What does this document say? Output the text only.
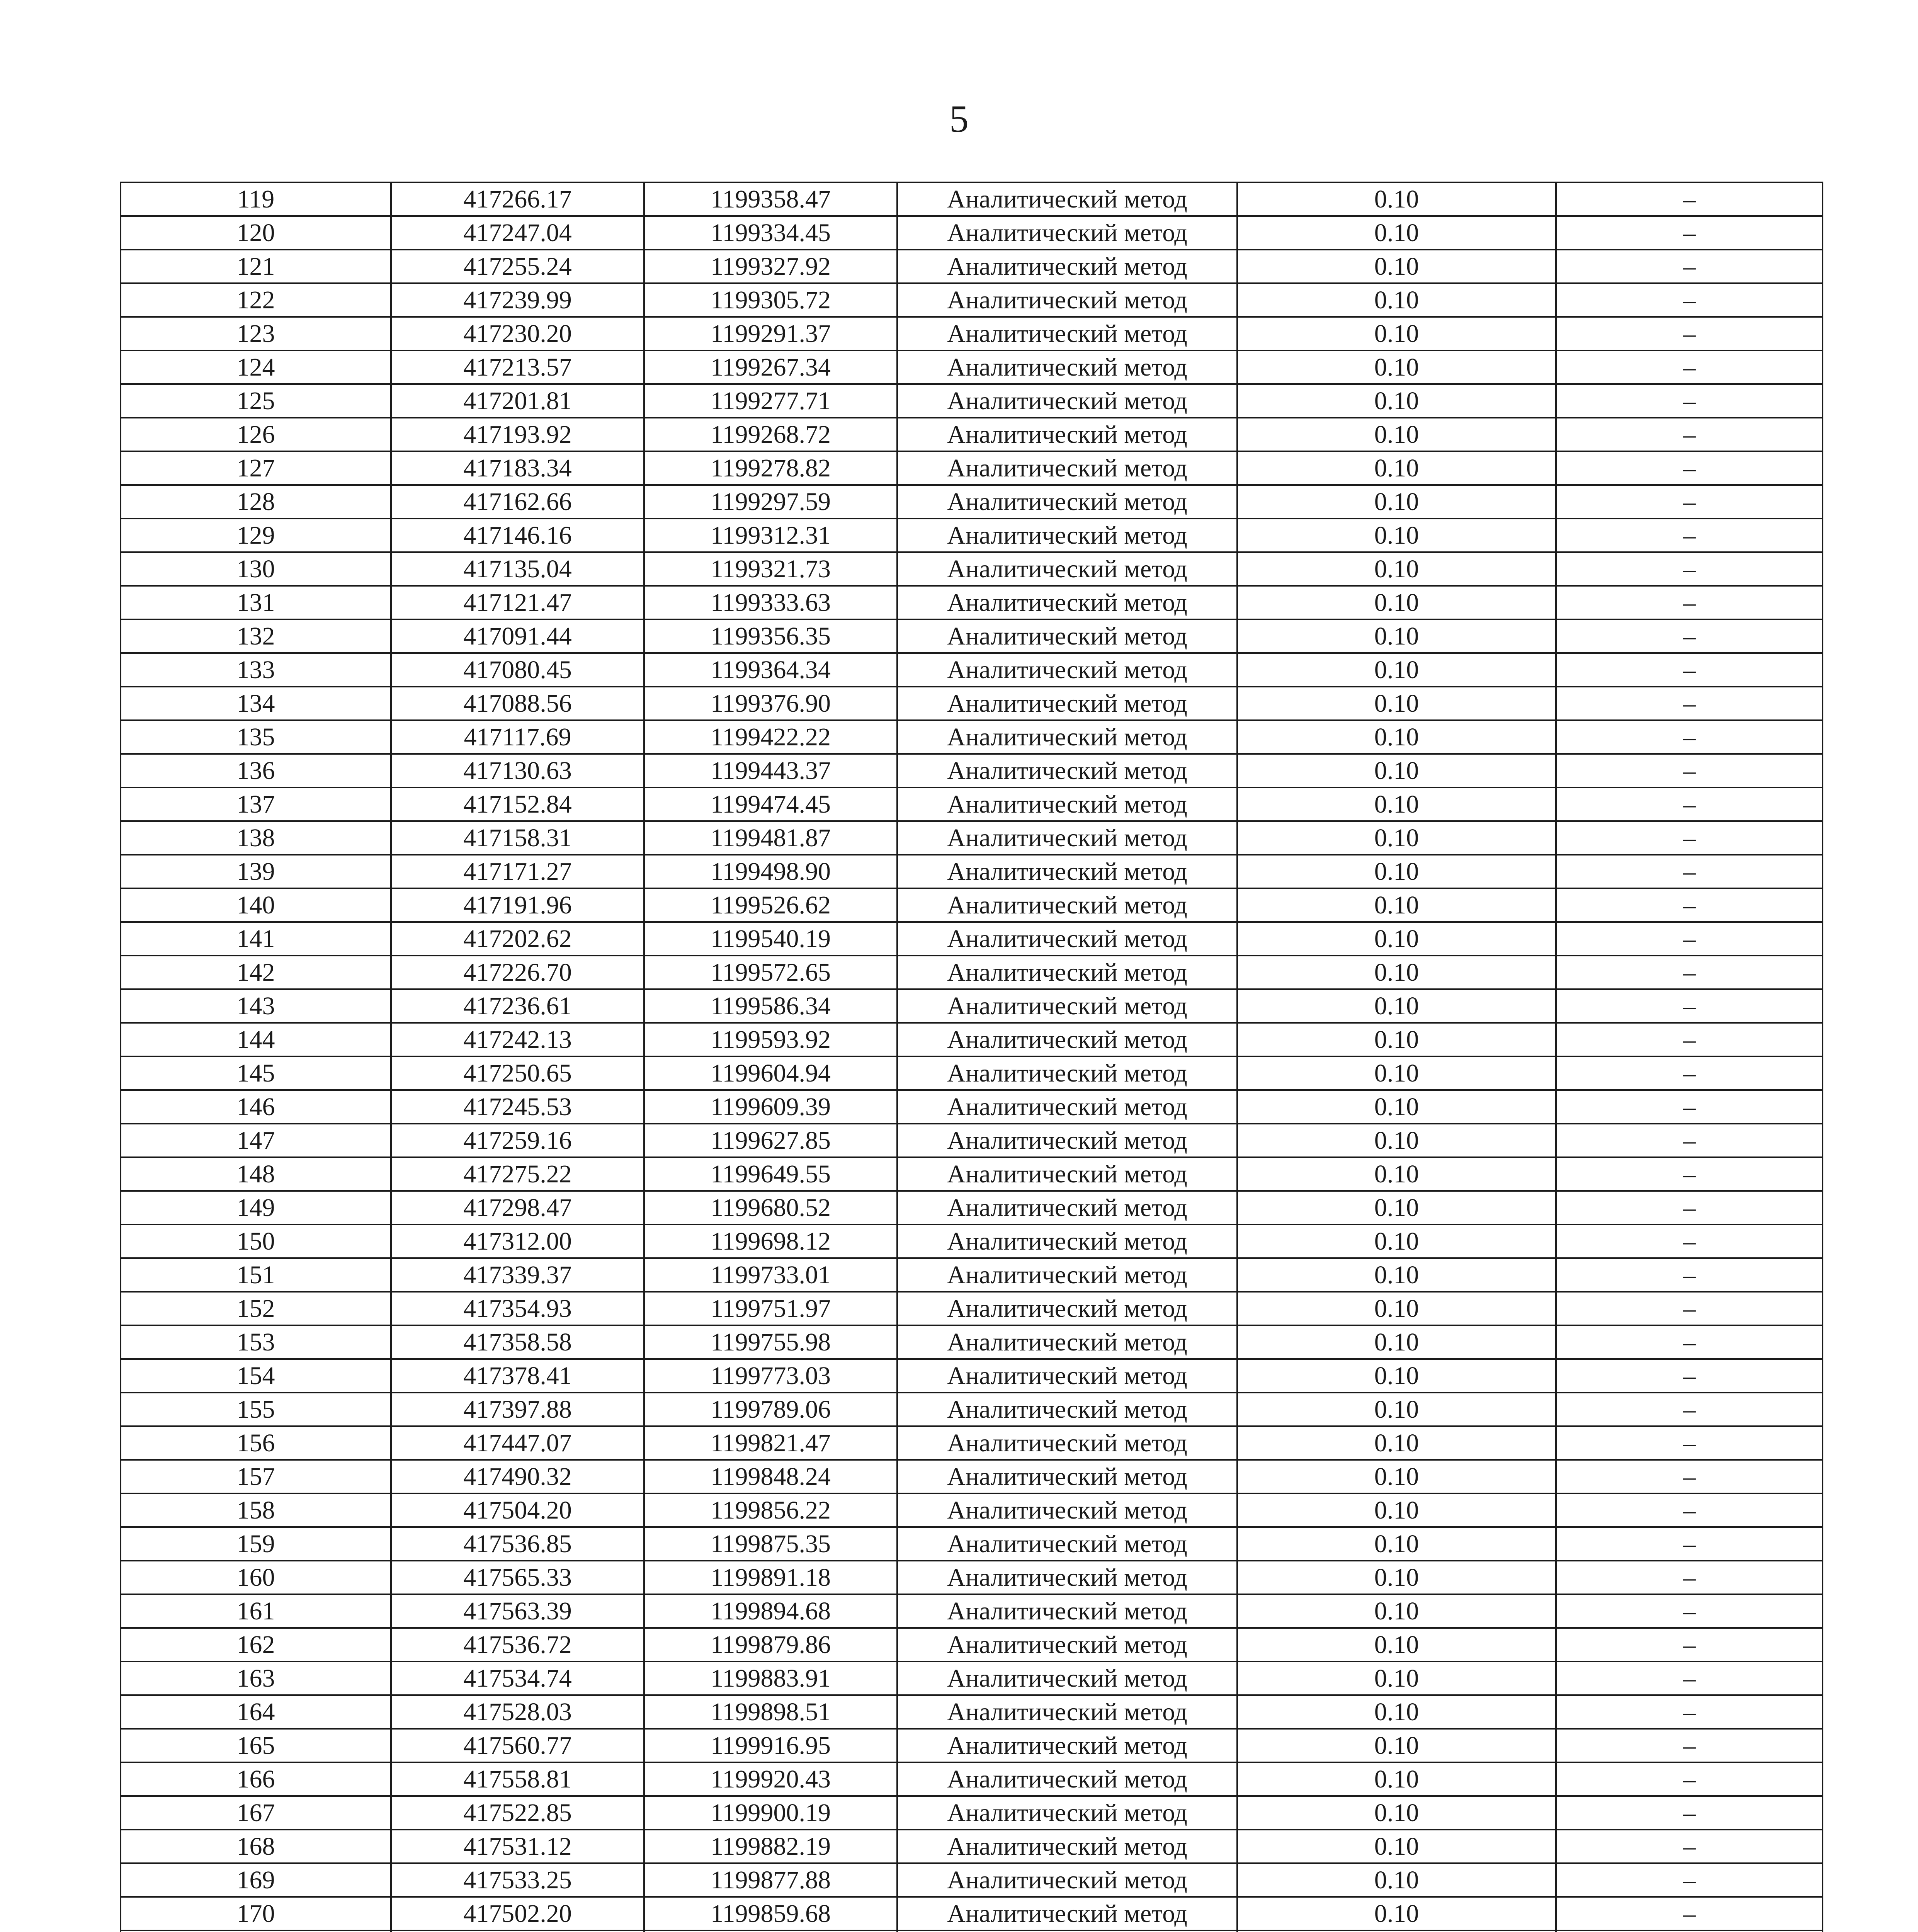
5
119	417266.17	1199358.47	Аналитический метод	0.10	–
120	417247.04	1199334.45	Аналитический метод	0.10	–
121	417255.24	1199327.92	Аналитический метод	0.10	–
122	417239.99	1199305.72	Аналитический метод	0.10	–
123	417230.20	1199291.37	Аналитический метод	0.10	–
124	417213.57	1199267.34	Аналитический метод	0.10	–
125	417201.81	1199277.71	Аналитический метод	0.10	–
126	417193.92	1199268.72	Аналитический метод	0.10	–
127	417183.34	1199278.82	Аналитический метод	0.10	–
128	417162.66	1199297.59	Аналитический метод	0.10	–
129	417146.16	1199312.31	Аналитический метод	0.10	–
130	417135.04	1199321.73	Аналитический метод	0.10	–
131	417121.47	1199333.63	Аналитический метод	0.10	–
132	417091.44	1199356.35	Аналитический метод	0.10	–
133	417080.45	1199364.34	Аналитический метод	0.10	–
134	417088.56	1199376.90	Аналитический метод	0.10	–
135	417117.69	1199422.22	Аналитический метод	0.10	–
136	417130.63	1199443.37	Аналитический метод	0.10	–
137	417152.84	1199474.45	Аналитический метод	0.10	–
138	417158.31	1199481.87	Аналитический метод	0.10	–
139	417171.27	1199498.90	Аналитический метод	0.10	–
140	417191.96	1199526.62	Аналитический метод	0.10	–
141	417202.62	1199540.19	Аналитический метод	0.10	–
142	417226.70	1199572.65	Аналитический метод	0.10	–
143	417236.61	1199586.34	Аналитический метод	0.10	–
144	417242.13	1199593.92	Аналитический метод	0.10	–
145	417250.65	1199604.94	Аналитический метод	0.10	–
146	417245.53	1199609.39	Аналитический метод	0.10	–
147	417259.16	1199627.85	Аналитический метод	0.10	–
148	417275.22	1199649.55	Аналитический метод	0.10	–
149	417298.47	1199680.52	Аналитический метод	0.10	–
150	417312.00	1199698.12	Аналитический метод	0.10	–
151	417339.37	1199733.01	Аналитический метод	0.10	–
152	417354.93	1199751.97	Аналитический метод	0.10	–
153	417358.58	1199755.98	Аналитический метод	0.10	–
154	417378.41	1199773.03	Аналитический метод	0.10	–
155	417397.88	1199789.06	Аналитический метод	0.10	–
156	417447.07	1199821.47	Аналитический метод	0.10	–
157	417490.32	1199848.24	Аналитический метод	0.10	–
158	417504.20	1199856.22	Аналитический метод	0.10	–
159	417536.85	1199875.35	Аналитический метод	0.10	–
160	417565.33	1199891.18	Аналитический метод	0.10	–
161	417563.39	1199894.68	Аналитический метод	0.10	–
162	417536.72	1199879.86	Аналитический метод	0.10	–
163	417534.74	1199883.91	Аналитический метод	0.10	–
164	417528.03	1199898.51	Аналитический метод	0.10	–
165	417560.77	1199916.95	Аналитический метод	0.10	–
166	417558.81	1199920.43	Аналитический метод	0.10	–
167	417522.85	1199900.19	Аналитический метод	0.10	–
168	417531.12	1199882.19	Аналитический метод	0.10	–
169	417533.25	1199877.88	Аналитический метод	0.10	–
170	417502.20	1199859.68	Аналитический метод	0.10	–
